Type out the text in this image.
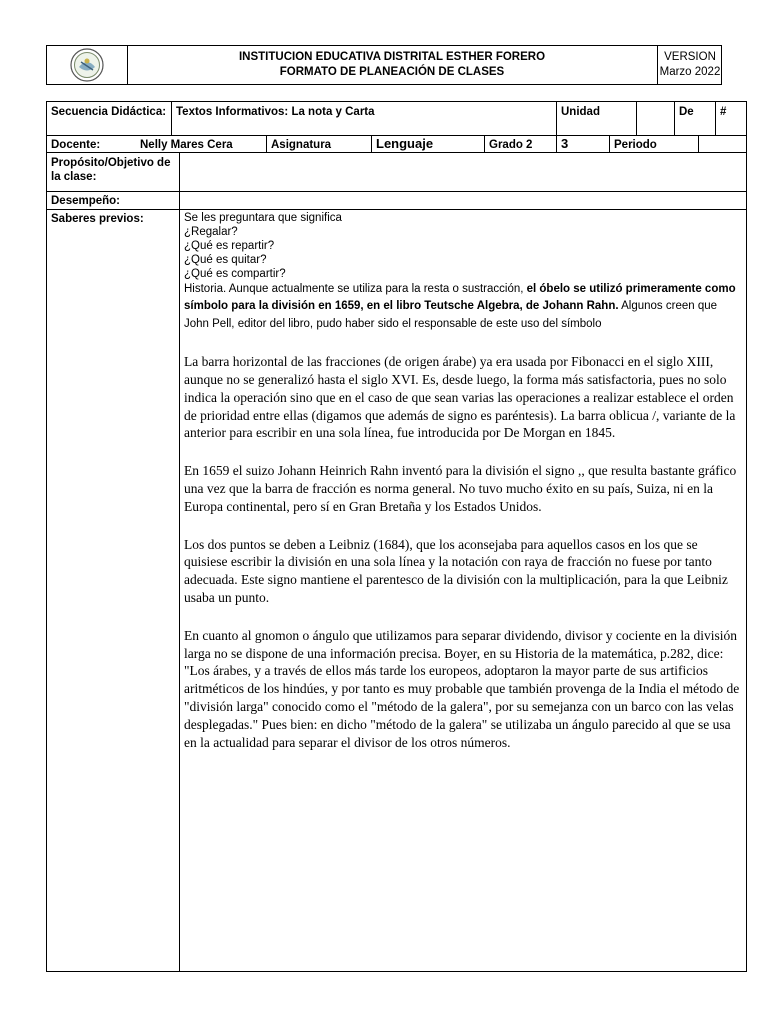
INSTITUCION EDUCATIVA DISTRITAL ESTHER FORERO
FORMATO DE PLANEACIÓN DE CLASES
VERSION
Marzo 2022
Secuencia Didáctica: Textos Informativos: La nota y Carta	Unidad	De	#
Docente:	Nelly Mares Cera	Asignatura	Lenguaje	Grado 2	3	Periodo
Propósito/Objetivo de la clase:
Desempeño:
Saberes previos:	Se les preguntara que significa

¿Regalar?

¿Qué es repartir?

¿Qué es quitar?

¿Qué es compartir?

Historia. Aunque actualmente se utiliza para la resta o sustracción, el óbelo se utilizó primeramente como símbolo para la división en 1659, en el libro Teutsche Algebra, de Johann Rahn. Algunos creen que John Pell, editor del libro, pudo haber sido el responsable de este uso del símbolo

La barra horizontal de las fracciones (de origen árabe) ya era usada por Fibonacci en el siglo XIII, aunque no se generalizó hasta el siglo XVI. Es, desde luego, la forma más satisfactoria, pues no solo indica la operación sino que en el caso de que sean varias las operaciones a realizar establece el orden de prioridad entre ellas (digamos que además de signo es paréntesis). La barra oblicua /, variante de la anterior para escribir en una sola línea, fue introducida por De Morgan en 1845.

En 1659 el suizo Johann Heinrich Rahn inventó para la división el signo ,, que resulta bastante gráfico una vez que la barra de fracción es norma general. No tuvo mucho éxito en su país, Suiza, ni en la Europa continental, pero sí en Gran Bretaña y los Estados Unidos.

Los dos puntos se deben a Leibniz (1684), que los aconsejaba para aquellos casos en los que se quisiese escribir la división en una sola línea y la notación con raya de fracción no fuese por tanto adecuada. Este signo mantiene el parentesco de la división con la multiplicación, para la que Leibniz usaba un punto.

En cuanto al gnomon o ángulo que utilizamos para separar dividendo, divisor y cociente en la división larga no se dispone de una información precisa. Boyer, en su Historia de la matemática, p.282, dice: "Los árabes, y a través de ellos más tarde los europeos, adoptaron la mayor parte de sus artificios aritméticos de los hindúes, y por tanto es muy probable que también provenga de la India el método de "división larga" conocido como el "método de la galera", por su semejanza con un barco con las velas desplegadas." Pues bien: en dicho "método de la galera" se utilizaba un ángulo parecido al que se usa en la actualidad para separar el divisor de los otros números.
